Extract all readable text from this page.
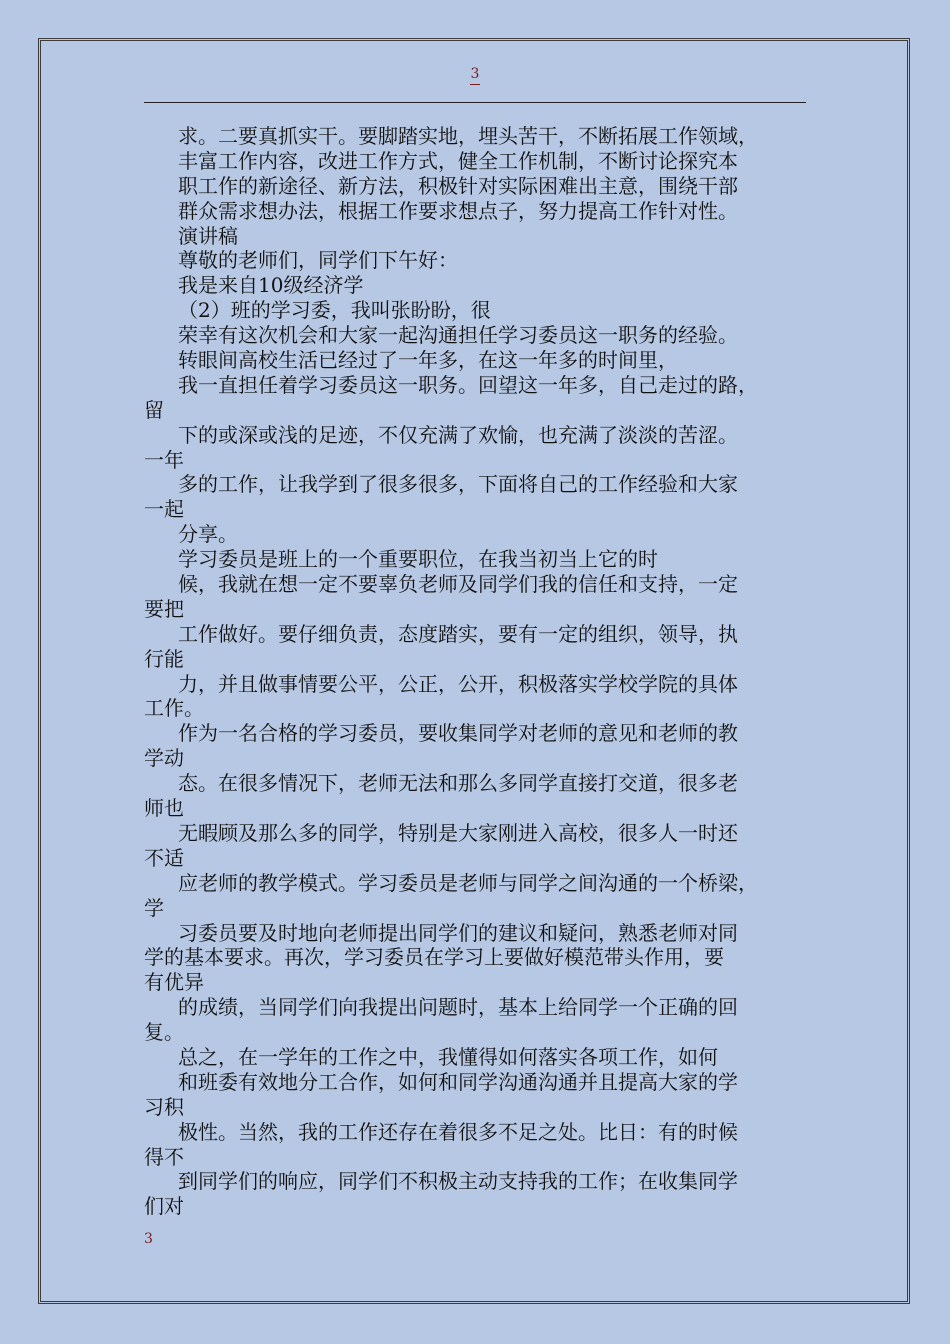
3
求。二要真抓实干。要脚踏实地，埋头苦干，不断拓展工作领域，
丰富工作内容，改进工作方式，健全工作机制，不断讨论探究本
职工作的新途径、新方法，积极针对实际困难出主意，围绕干部
群众需求想办法，根据工作要求想点子，努力提高工作针对性。
演讲稿
尊敬的老师们，同学们下午好：
我是来自10级经济学
（2）班的学习委，我叫张盼盼，很
荣幸有这次机会和大家一起沟通担任学习委员这一职务的经验。
转眼间高校生活已经过了一年多，在这一年多的时间里，
我一直担任着学习委员这一职务。回望这一年多，自己走过的路，
留
下的或深或浅的足迹，不仅充满了欢愉，也充满了淡淡的苦涩。
一年
多的工作，让我学到了很多很多，下面将自己的工作经验和大家
一起
分享。
学习委员是班上的一个重要职位，在我当初当上它的时
候，我就在想一定不要辜负老师及同学们我的信任和支持，一定
要把
工作做好。要仔细负责，态度踏实，要有一定的组织，领导，执
行能
力，并且做事情要公平，公正，公开，积极落实学校学院的具体
工作。
作为一名合格的学习委员，要收集同学对老师的意见和老师的教
学动
态。在很多情况下，老师无法和那么多同学直接打交道，很多老
师也
无暇顾及那么多的同学，特别是大家刚进入高校，很多人一时还
不适
应老师的教学模式。学习委员是老师与同学之间沟通的一个桥梁，
学
习委员要及时地向老师提出同学们的建议和疑问，熟悉老师对同
学的基本要求。再次，学习委员在学习上要做好模范带头作用，要
有优异
的成绩，当同学们向我提出问题时，基本上给同学一个正确的回
复。
总之，在一学年的工作之中，我懂得如何落实各项工作，如何
和班委有效地分工合作，如何和同学沟通沟通并且提高大家的学
习积
极性。当然，我的工作还存在着很多不足之处。比日：有的时候
得不
到同学们的响应，同学们不积极主动支持我的工作；在收集同学
们对
3
